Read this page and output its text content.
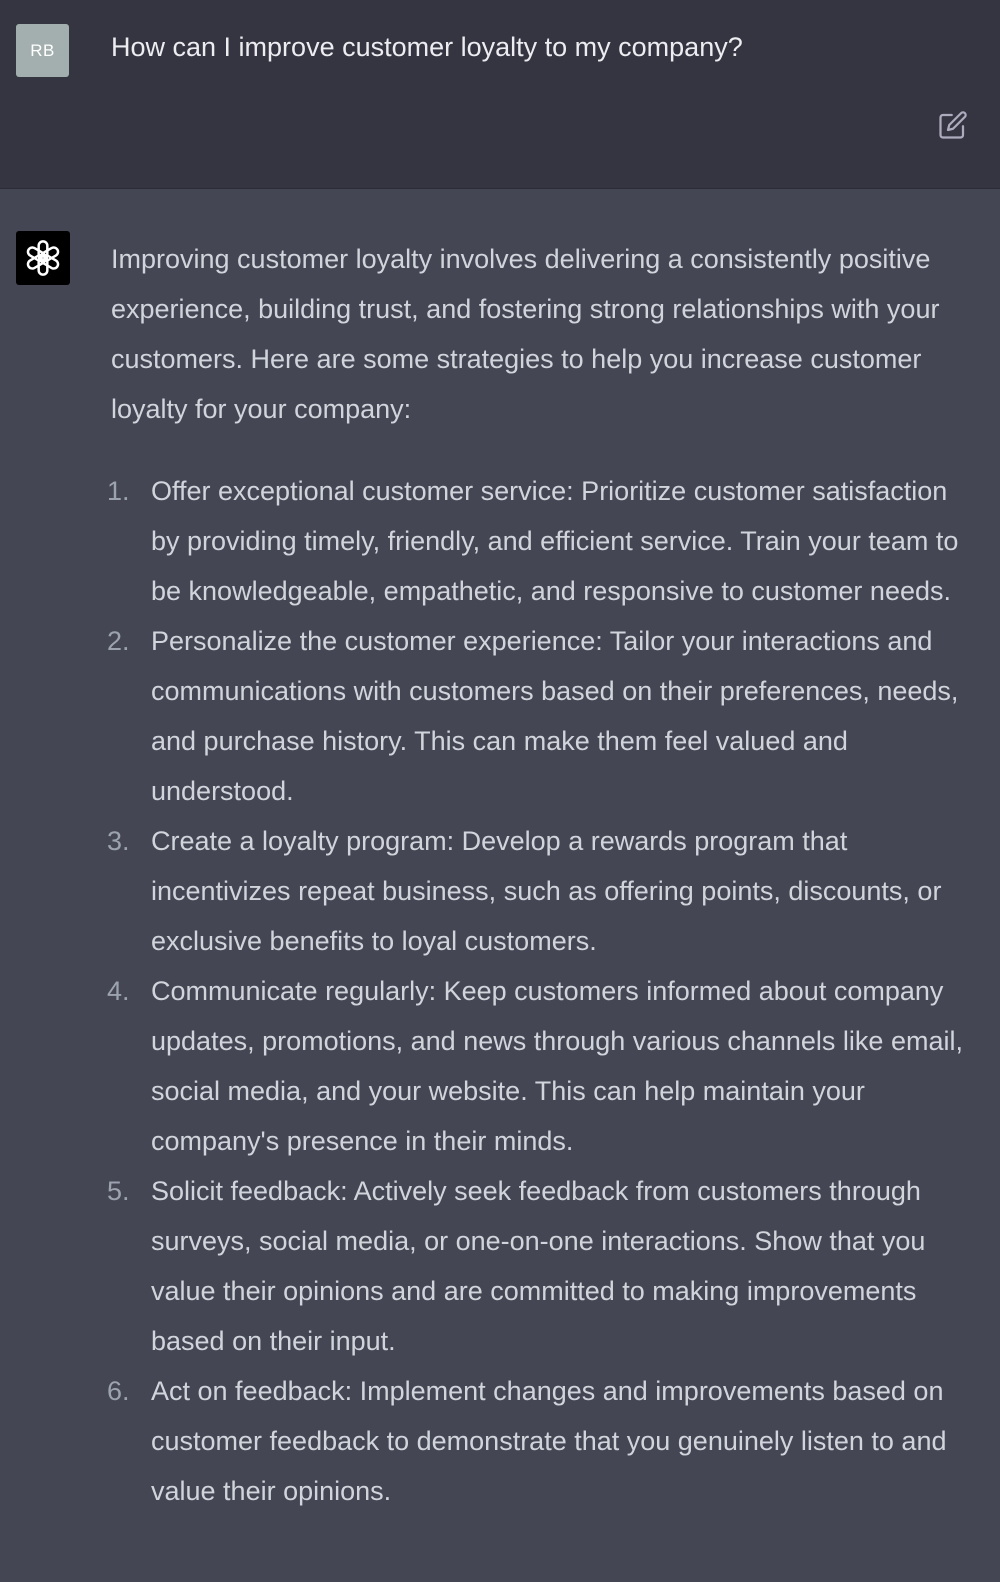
RB	How can I improve customer loyalty to my company?

Improving customer loyalty involves delivering a consistently positive experience, building trust, and fostering strong relationships with your customers. Here are some strategies to help you increase customer loyalty for your company:

1. Offer exceptional customer service: Prioritize customer satisfaction by providing timely, friendly, and efficient service. Train your team to be knowledgeable, empathetic, and responsive to customer needs.
2. Personalize the customer experience: Tailor your interactions and communications with customers based on their preferences, needs, and purchase history. This can make them feel valued and understood.
3. Create a loyalty program: Develop a rewards program that incentivizes repeat business, such as offering points, discounts, or exclusive benefits to loyal customers.
4. Communicate regularly: Keep customers informed about company updates, promotions, and news through various channels like email, social media, and your website. This can help maintain your company's presence in their minds.
5. Solicit feedback: Actively seek feedback from customers through surveys, social media, or one-on-one interactions. Show that you value their opinions and are committed to making improvements based on their input.
6. Act on feedback: Implement changes and improvements based on customer feedback to demonstrate that you genuinely listen to and value their opinions.
